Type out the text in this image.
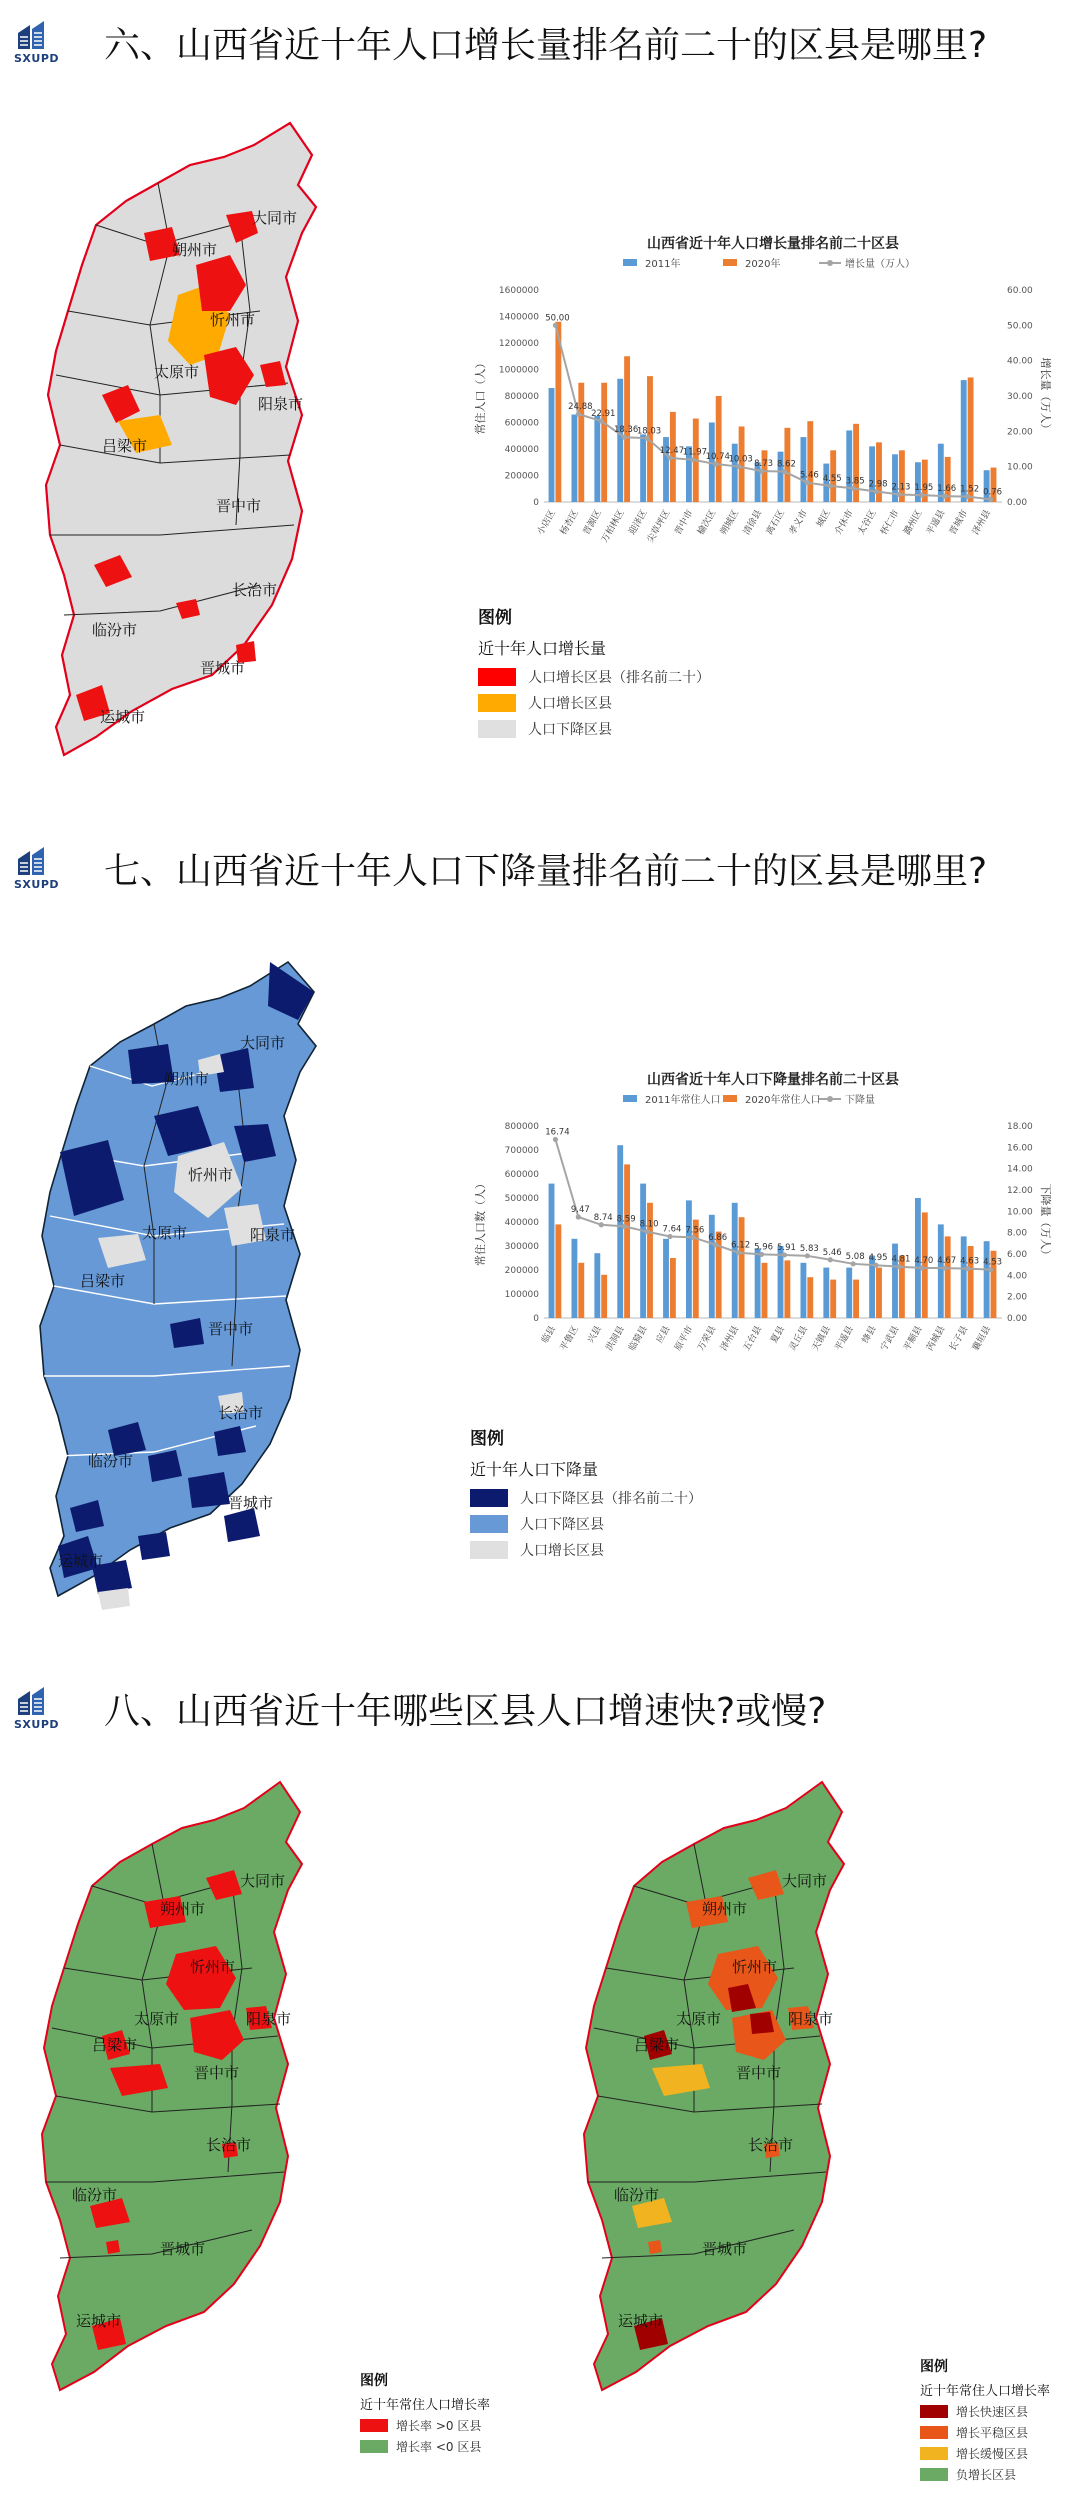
SXUPD 六、山西省近十年人口增长量排名前二十的区县是哪里?
大同市
朔州市
忻州市
太原市
阳泉市
吕梁市
晋中市
长治市
临汾市
晋城市
运城市
山西省近十年人口增长量排名前二十区县
2011年	2020年	增长量（万人）
0
200000
400000
600000
800000
1000000
1200000
1400000
1600000
0.00
10.00
20.00
30.00
40.00
50.00
60.00
常住人口（人）	增长量（万人）
小店区 杨杏区 晋源区
万柏林区 迎泽区
尖草坪区 晋中市 榆次区 朔城区 清徐县 离石区 孝义市 城区 介休市 太谷区 怀仁市 潞州区 平遥县 晋城市 泽州县
50.00
24.88
22.91
18.36
18.03
12.47
11.97
10.74
10.03 8.73 8.62
5.46 4.55 3.85 2.98 2.13 1.95 1.66 1.52 0.76
图例
近十年人口增长量
人口增长区县（排名前二十）
人口增长区县
人口下降区县
SXUPD 七、山西省近十年人口下降量排名前二十的区县是哪里?
大同市
朔州市
忻州市
太原市	阳泉市
吕梁市
晋中市
长治市
临汾市
晋城市
运城市
山西省近十年人口下降量排名前二十区县
2011年常住人口 2020年常住人口 下降量
0
100000
200000
300000
400000
500000
600000
700000
800000
0.00
2.00
4.00
6.00
8.00
10.00
12.00
14.00
16.00
18.00
常住人口数（人）	下降量（万人）
临县 平鲁区 兴县 洪洞县 临猗县 应县 原平市 万荣县 泽州县 五台县 夏县 灵丘县 天镇县 平遥县 绛县 宁武县 平顺县 芮城县 长子县 襄垣县
16.74
9.47
8.74 8.59
8.10 7.64 7.56
6.86
6.12 5.96 5.91 5.83 5.46 5.08 4.95 4.81 4.70 4.67 4.63 4.53
图例
近十年人口下降量
人口下降区县（排名前二十）
人口下降区县
人口增长区县
SXUPD 八、山西省近十年哪些区县人口增速快?或慢?
大同市
朔州市
忻州市
太原市	阳泉市
吕梁市
晋中市
长治市
临汾市
晋城市
运城市
图例
近十年常住人口增长率
增长率 >0 区县
增长率 <0 区县
大同市
朔州市
忻州市
太原市	阳泉市
吕梁市
晋中市
长治市
临汾市
晋城市
运城市
图例
近十年常住人口增长率
增长快速区县
增长平稳区县
增长缓慢区县
负增长区县
